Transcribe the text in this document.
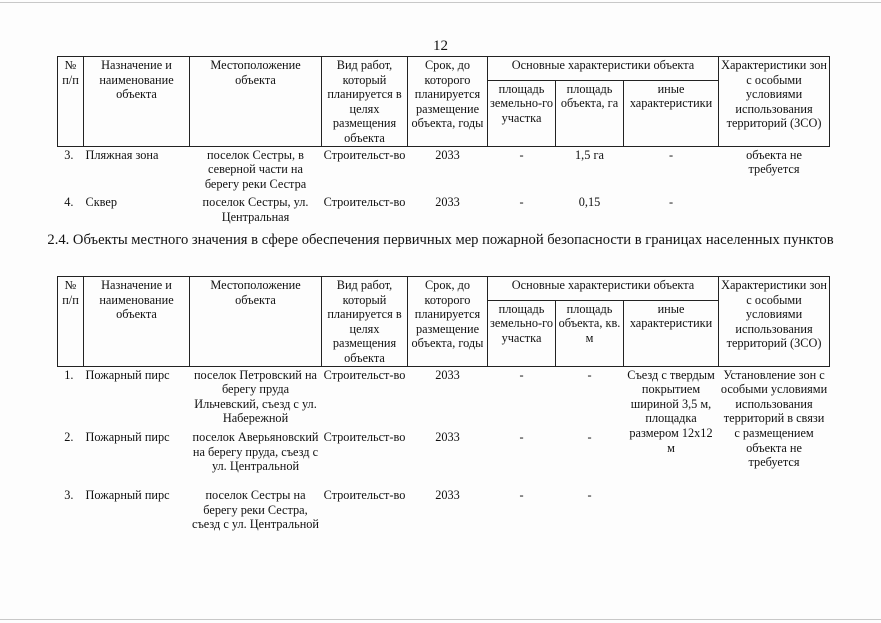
12
№ п/п	Назначение и наименование объекта	Местоположение объекта	Вид работ, который планируется в целях размещения объекта	Срок, до которого планируется размещение объекта, годы	Основные характеристики объекта			Характеристики зон с особыми условиями использования территорий (ЗСО)
					площадь земельно-го участка	площадь объекта, га	иные характеристики	
3.	Пляжная зона	поселок Сестры, в северной части на берегу реки Сестра	Строительст-во	2033	-	1,5 га	-	объекта не требуется
4.	Сквер	поселок Сестры, ул. Центральная	Строительст-во	2033	-	0,15	-	
2.4. Объекты местного значения в сфере обеспечения первичных мер пожарной безопасности в границах населенных пунктов
№ п/п	Назначение и наименование объекта	Местоположение объекта	Вид работ, который планируется в целях размещения объекта	Срок, до которого планируется размещение объекта, годы	Основные характеристики объекта			Характеристики зон с особыми условиями использования территорий (ЗСО)
					площадь земельно-го участка	площадь объекта, кв. м	иные характеристики	
1.	Пожарный пирс	поселок Петровский на берегу пруда Ильчевский, съезд с ул. Набережной	Строительст-во	2033	-	-	Съезд с твердым покрытием шириной 3,5 м, площадка размером 12х12 м	Установление зон с особыми условиями использования территорий в связи с размещением объекта не требуется
2.	Пожарный пирс	поселок Аверьяновский на берегу пруда, съезд с ул. Центральной	Строительст-во	2033	-	-		
3.	Пожарный пирс	поселок Сестры на берегу реки Сестра, съезд с ул. Центральной	Строительст-во	2033	-	-		
